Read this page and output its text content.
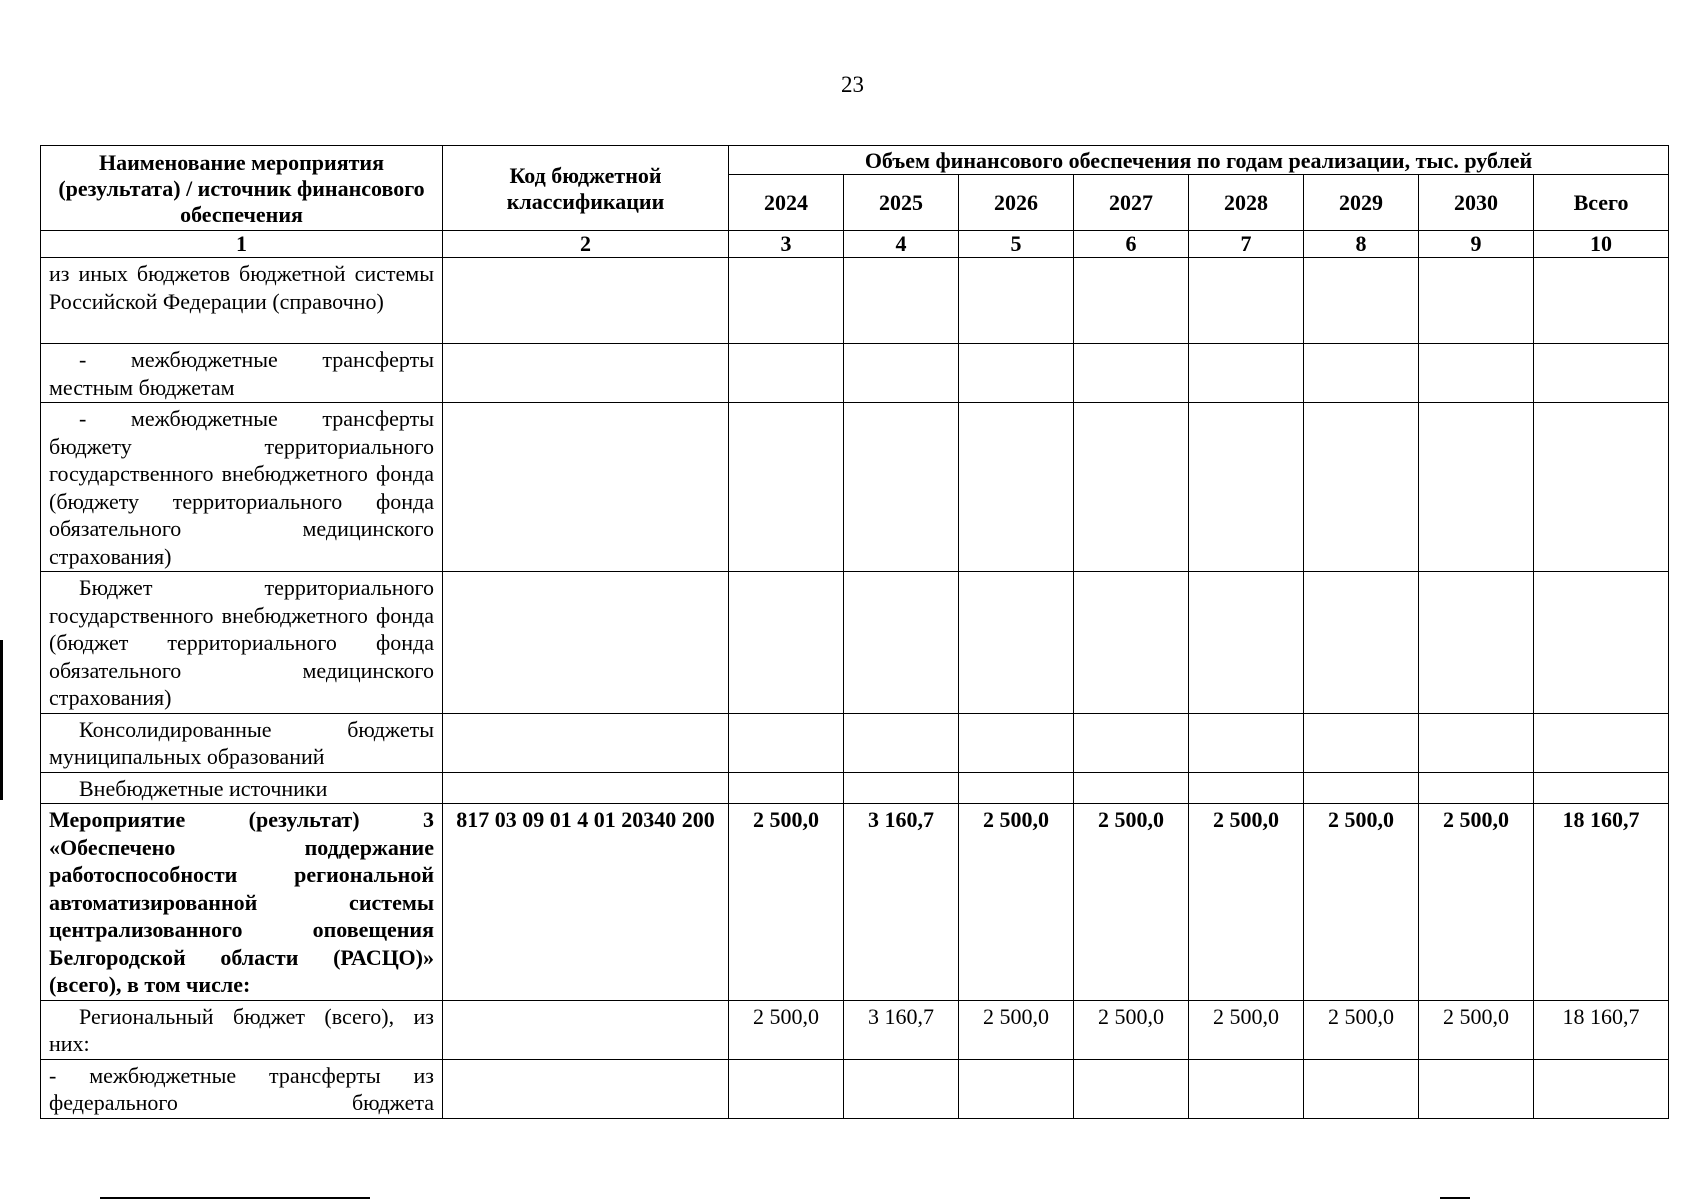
23
Наименование мероприятия (результата) / источник финансового обеспечения	Код бюджетной классификации	Объем финансового обеспечения по годам реализации, тыс. рублей							
		2024	2025	2026	2027	2028	2029	2030	Всего
1	2	3	4	5	6	7	8	9	10
из иных бюджетов бюджетной системы Российской Федерации (справочно)									
- межбюджетные трансферты местным бюджетам									
- межбюджетные трансферты бюджету территориального государственного внебюджетного фонда (бюджету территориального фонда обязательного медицинского страхования)									
Бюджет территориального государственного внебюджетного фонда (бюджет территориального фонда обязательного медицинского страхования)									
Консолидированные бюджеты муниципальных образований									
Внебюджетные источники									
Мероприятие (результат) 3 «Обеспечено поддержание работоспособности региональной автоматизированной системы централизованного оповещения Белгородской области (РАСЦО)» (всего), в том числе:	817 03 09 01 4 01 20340 200	2 500,0	3 160,7	2 500,0	2 500,0	2 500,0	2 500,0	2 500,0	18 160,7
Региональный бюджет (всего), из них:		2 500,0	3 160,7	2 500,0	2 500,0	2 500,0	2 500,0	2 500,0	18 160,7
- межбюджетные трансферты из федерального бюджета									
